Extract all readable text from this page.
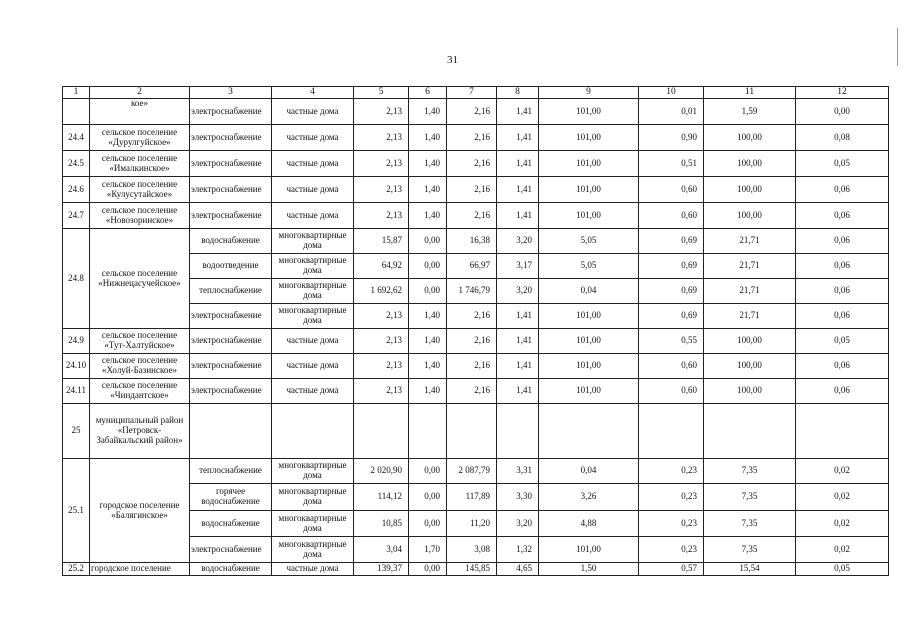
31
1	2	3	4	5	6	7	8	9	10	11	12
	кое»	электроснабжение	частные дома	2,13	1,40	2,16	1,41	101,00	0,01	1,59	0,00
24.4	сельское поселение «Дурулгуйское»	электроснабжение	частные дома	2,13	1,40	2,16	1,41	101,00	0,90	100,00	0,08
24.5	сельское поселение «Ималкинское»	электроснабжение	частные дома	2,13	1,40	2,16	1,41	101,00	0,51	100,00	0,05
24.6	сельское поселение «Кулусутайское»	электроснабжение	частные дома	2,13	1,40	2,16	1,41	101,00	0,60	100,00	0,06
24.7	сельское поселение «Новозоринское»	электроснабжение	частные дома	2,13	1,40	2,16	1,41	101,00	0,60	100,00	0,06
24.8	сельское поселение «Нижнецасучейское»	водоснабжение	многоквартирные дома	15,87	0,00	16,38	3,20	5,05	0,69	21,71	0,06
		водоотведение	многоквартирные дома	64,92	0,00	66,97	3,17	5,05	0,69	21,71	0,06
		теплоснабжение	многоквартирные дома	1 692,62	0,00	1 746,79	3,20	0,04	0,69	21,71	0,06
		электроснабжение	многоквартирные дома	2,13	1,40	2,16	1,41	101,00	0,69	21,71	0,06
24.9	сельское поселение «Тут-Халтуйское»	электроснабжение	частные дома	2,13	1,40	2,16	1,41	101,00	0,55	100,00	0,05
24.10	сельское поселение «Холуй-Базинское»	электроснабжение	частные дома	2,13	1,40	2,16	1,41	101,00	0,60	100,00	0,06
24.11	сельское поселение «Чиндантское»	электроснабжение	частные дома	2,13	1,40	2,16	1,41	101,00	0,60	100,00	0,06
25	муниципальный район «Петровск-Забайкальский район»										
25.1	городское поселение «Балягинское»	теплоснабжение	многоквартирные дома	2 020,90	0,00	2 087,79	3,31	0,04	0,23	7,35	0,02
		горячее водоснабжение	многоквартирные дома	114,12	0,00	117,89	3,30	3,26	0,23	7,35	0,02
		водоснабжение	многоквартирные дома	10,85	0,00	11,20	3,20	4,88	0,23	7,35	0,02
		электроснабжение	многоквартирные дома	3,04	1,70	3,08	1,32	101,00	0,23	7,35	0,02
25.2	городское поселение	водоснабжение	частные дома	139,37	0,00	145,85	4,65	1,50	0,57	15,54	0,05
